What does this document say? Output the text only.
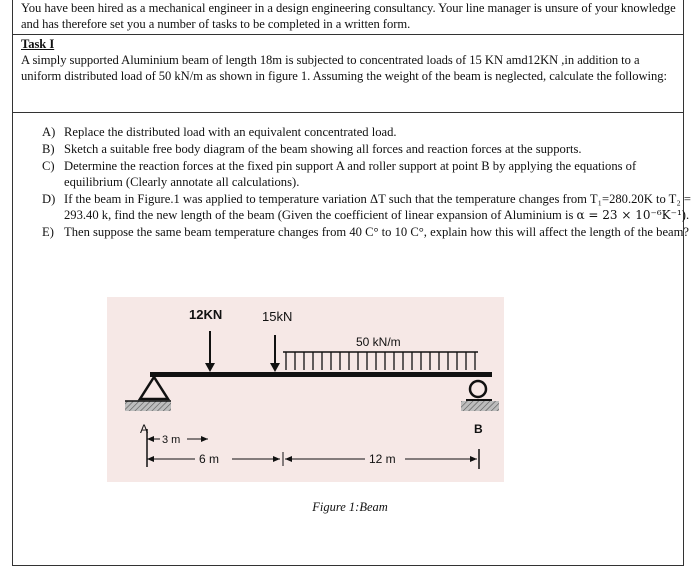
You have been hired as a mechanical engineer in a design engineering consultancy. Your line manager is unsure of your knowledge and has therefore set you a number of tasks to be completed in a written form.
Task I
A simply supported Aluminium beam of length 18m is subjected to concentrated loads of 15 KN amd12KN ,in addition to a uniform distributed load of 50 kN/m as shown in figure 1. Assuming the weight of the beam is neglected, calculate the following:
A) Replace the distributed load with an equivalent concentrated load.
B) Sketch a suitable free body diagram of the beam showing all forces and reaction forces at the supports.
C) Determine the reaction forces at the fixed pin support A and roller support at point B by applying the equations of equilibrium (Clearly annotate all calculations).
D) If the beam in Figure.1 was applied to temperature variation ΔT such that the temperature changes from T₁=280.20K to T₂ = 293.40 k, find the new length of the beam (Given the coefficient of linear expansion of Aluminium is α = 23 × 10⁻⁶K⁻¹).
E) Then suppose the same beam temperature changes from 40 C° to 10 C°, explain how this will affect the length of the beam?
12KN	15kN
50 kN/m
A	B
3 m
6 m	12 m
Figure 1:Beam
